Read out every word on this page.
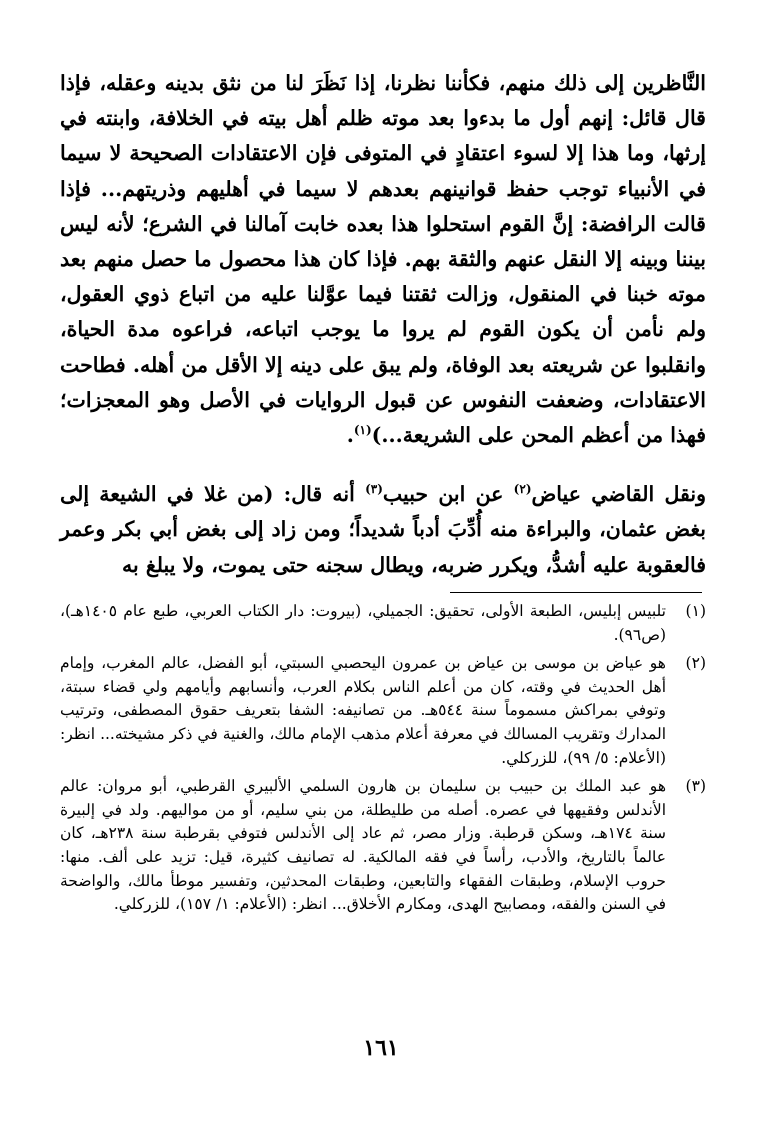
النَّاظرين إلى ذلك منهم، فكأننا نظرنا، إذا نَظَرَ لنا من نثق بدينه وعقله، فإذا قال قائل: إنهم أول ما بدءوا بعد موته ظلم أهل بيته في الخلافة، وابنته في إرثها، وما هذا إلا لسوء اعتقادٍ في المتوفى فإن الاعتقادات الصحيحة لا سيما في الأنبياء توجب حفظ قوانينهم بعدهم لا سيما في أهليهم وذريتهم... فإذا قالت الرافضة: إنَّ القوم استحلوا هذا بعده خابت آمالنا في الشرع؛ لأنه ليس بيننا وبينه إلا النقل عنهم والثقة بهم. فإذا كان هذا محصول ما حصل منهم بعد موته خبنا في المنقول، وزالت ثقتنا فيما عوَّلنا عليه من اتباع ذوي العقول، ولم نأمن أن يكون القوم لم يروا ما يوجب اتباعه، فراعوه مدة الحياة، وانقلبوا عن شريعته بعد الوفاة، ولم يبق على دينه إلا الأقل من أهله. فطاحت الاعتقادات، وضعفت النفوس عن قبول الروايات في الأصل وهو المعجزات؛ فهذا من أعظم المحن على الشريعة...)$^{(١)}$.

ونقل القاضي عياض$^{(٢)}$ عن ابن حبيب$^{(٣)}$ أنه قال: (من غلا في الشيعة إلى بغض عثمان، والبراءة منه أُدِّبَ أدباً شديداً؛ ومن زاد إلى بغض أبي بكر وعمر فالعقوبة عليه أشدُّ، ويكرر ضربه، ويطال سجنه حتى يموت، ولا يبلغ به

(١)
تلبيس إبليس، الطبعة الأولى، تحقيق: الجميلي، (بيروت: دار الكتاب العربي، طبع عام ١٤٠٥هـ)، (ص٩٦).
(٢)
هو عياض بن موسى بن عياض بن عمرون اليحصبي السبتي، أبو الفضل، عالم المغرب، وإمام أهل الحديث في وقته، كان من أعلم الناس بكلام العرب، وأنسابهم وأيامهم ولي قضاء سبتة، وتوفي بمراكش مسموماً سنة ٥٤٤هـ. من تصانيفه: الشفا بتعريف حقوق المصطفى، وترتيب المدارك وتقريب المسالك في معرفة أعلام مذهب الإمام مالك، والغنية في ذكر مشيخته... انظر: (الأعلام: ٥/ ٩٩)، للزركلي.
(٣)
هو عبد الملك بن حبيب بن سليمان بن هارون السلمي الألبيري القرطبي، أبو مروان: عالم الأندلس وفقيهها في عصره. أصله من طليطلة، من بني سليم، أو من مواليهم. ولد في إلبيرة سنة ١٧٤هـ، وسكن قرطبة. وزار مصر، ثم عاد إلى الأندلس فتوفي بقرطبة سنة ٢٣٨هـ، كان عالماً بالتاريخ، والأدب، رأساً في فقه المالكية. له تصانيف كثيرة، قيل: تزيد على ألف. منها: حروب الإسلام، وطبقات الفقهاء والتابعين، وطبقات المحدثين، وتفسير موطأ مالك، والواضحة في السنن والفقه، ومصابيح الهدى، ومكارم الأخلاق... انظر: (الأعلام: ١/ ١٥٧)، للزركلي.
١٦١
